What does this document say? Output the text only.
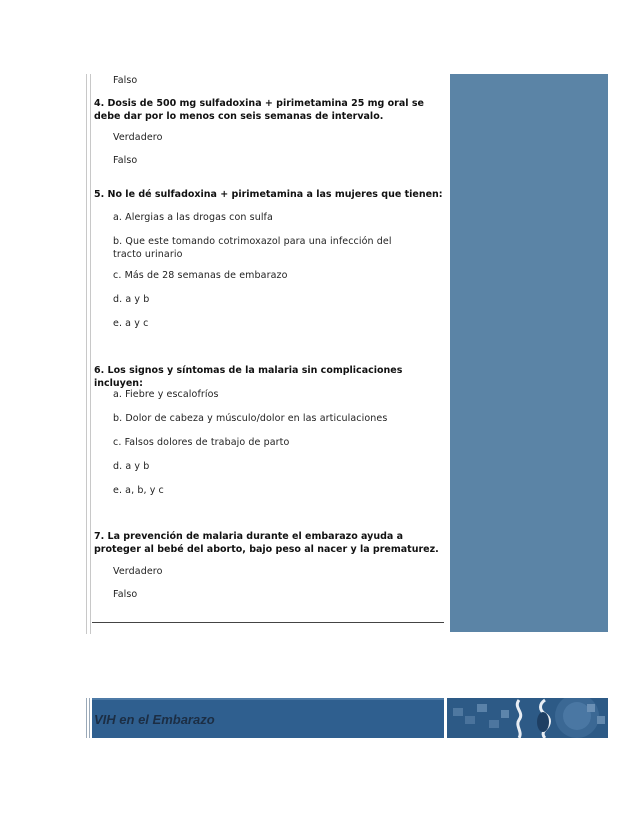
Falso
4. Dosis de 500 mg sulfadoxina + pirimetamina 25 mg oral se debe dar por lo menos con seis semanas de intervalo.
Verdadero
Falso
5. No le dé sulfadoxina + pirimetamina a las mujeres que tienen:
a. Alergias a las drogas con sulfa
b. Que este tomando cotrimoxazol para una infección del tracto urinario
c. Más de 28 semanas de embarazo
d. a y b
e. a y c
6. Los signos y síntomas de la malaria sin complicaciones incluyen:
a. Fiebre y escalofríos
b. Dolor de cabeza y músculo/dolor en las articulaciones
c. Falsos dolores de trabajo de parto
d. a y b
e. a, b, y c
7. La prevención de malaria durante el embarazo ayuda a proteger al bebé del aborto, bajo peso al nacer y la prematurez.
Verdadero
Falso
VIH en el Embarazo
